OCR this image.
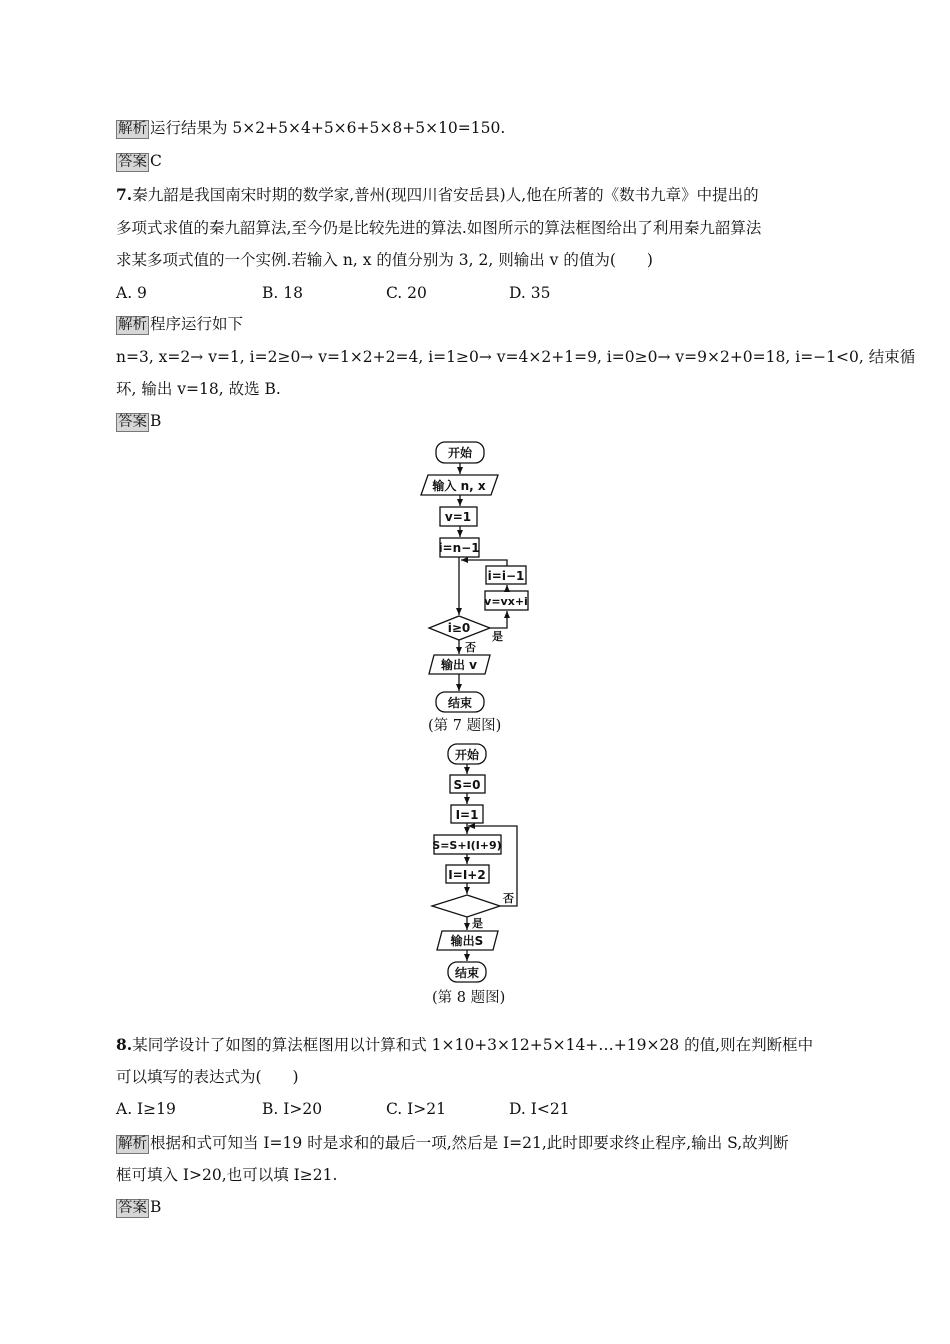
解析 运行结果为 5×2+5×4+5×6+5×8+5×10=150.
答案 C
7.秦九韶是我国南宋时期的数学家,普州(现四川省安岳县)人,他在所著的《数书九章》中提出的
多项式求值的秦九韶算法,至今仍是比较先进的算法.如图所示的算法框图给出了利用秦九韶算法
求某多项式值的一个实例.若输入 n, x 的值分别为 3, 2, 则输出 v 的值为(　　)
A. 9	B. 18	C. 20	D. 35
解析 程序运行如下
n=3, x=2→ v=1, i=2≥0→ v=1×2+2=4, i=1≥0→ v=4×2+1=9, i=0≥0→ v=9×2+0=18, i=−1<0, 结束循
环, 输出 v=18, 故选 B.
答案 B
开始
输入 n, x
v=1
i=n−1
i=i−1
v=vx+i
i≥0
输出 v
结束
是
否
(第 7 题图)
开始
S=0
I=1
S=S+I(I+9)
I=I+2
输出S
结束
否
是
(第 8 题图)
8.某同学设计了如图的算法框图用以计算和式 1×10+3×12+5×14+…+19×28 的值,则在判断框中
可以填写的表达式为(　　)
A. I≥19	B. I>20	C. I>21	D. I<21
解析 根据和式可知当 I=19 时是求和的最后一项,然后是 I=21,此时即要求终止程序,输出 S,故判断
框可填入 I>20,也可以填 I≥21.
答案 B
